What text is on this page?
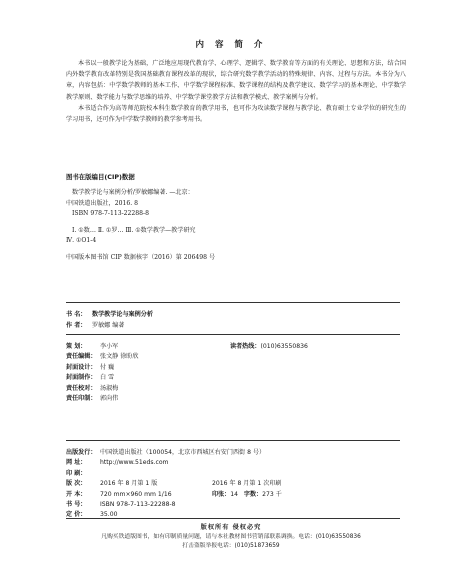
内 容 简 介

本书以一般教学论为基础，广泛地应用现代教育学、心理学、逻辑学、数学教育等方面的有关理论、思想和方法，结合国内外数学教育改革特别是我国基础教育课程改革的现状，综合研究数学教学活动的特殊规律、内容、过程与方法。本书分为八章，内容包括：中学数学教师的基本工作、中学数学课程标准、数学课程的结构及教学建议、数学学习的基本理论、中学数学教学原则、数学能力与数学思维的培养、中学数学课堂教学方法和教学模式、教学案例与分析。

本书适合作为高等师范院校本科生数学教育的教学用书，也可作为攻读数学课程与教学论、教育硕士专业学位的研究生的学习用书，还可作为中学数学教师的教学参考用书。

图书在版编目(CIP)数据
数学教学论与案例分析/罗敏娜编著. —北京：
中国铁道出版社，2016. 8
ISBN 978-7-113-22288-8
Ⅰ. ①数… Ⅱ. ①罗… Ⅲ. ①数学教学—教学研究
Ⅳ. ①O1-4
中国版本图书馆 CIP 数据核字（2016）第 206498 号
书 名： 数学教学论与案例分析
作 者： 罗敏娜 编著
策 划：	李小军	读者热线：(010)63550836
责任编辑： 张文静 徐盼欣
封面设计： 付 巍
封面制作： 白 雪
责任校对： 汤淑梅
责任印制： 郭向伟
出版发行： 中国铁道出版社（100054，北京市西城区右安门西街 8 号）
网 址：	http://www.51eds.com
印 刷：
版 次：	2016 年 8 月第 1 版	2016 年 8 月第 1 次印刷
开 本：	720 mm×960 mm 1/16	印张：14 字数：273 千
书 号：	ISBN 978-7-113-22288-8
定 价：	35.00
版权所有 侵权必究
凡购买铁道版图书，如有印制质量问题，请与本社教材图书营销部联系调换。电话：(010)63550836
打击盗版举报电话：(010)51873659
